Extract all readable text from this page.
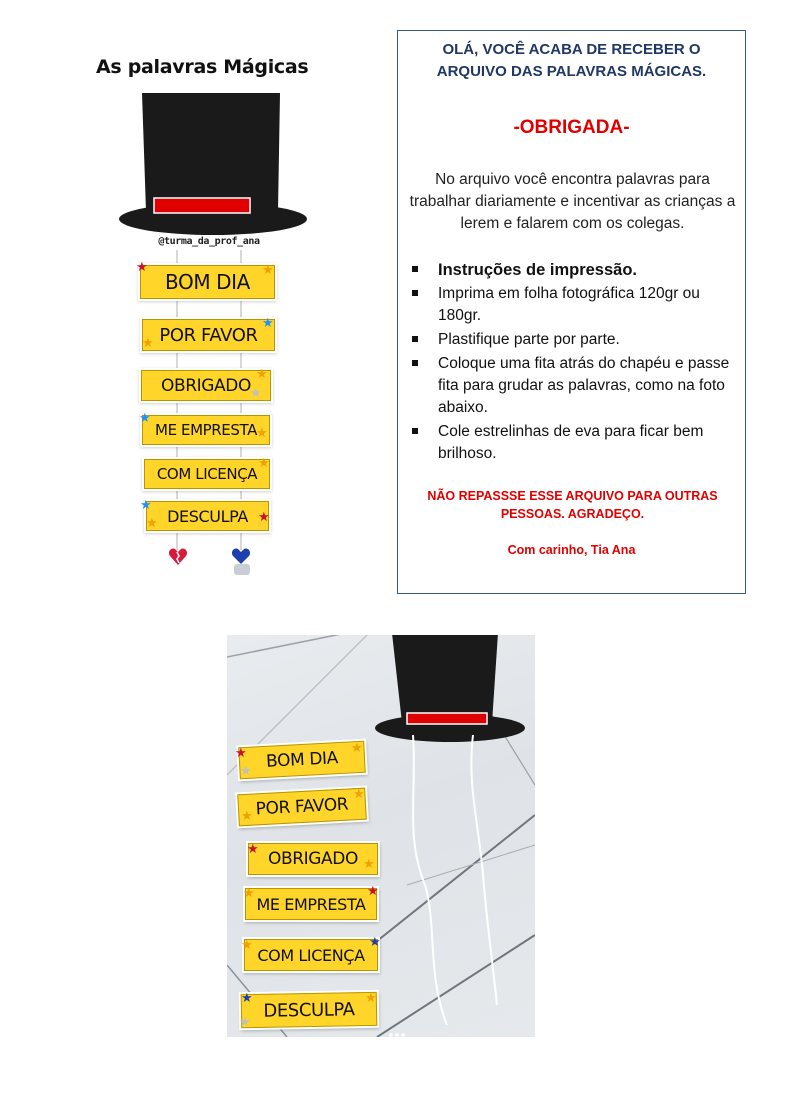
As palavras Mágicas
@turma_da_prof_ana
BOM DIA
POR FAVOR
OBRIGADO
ME EMPRESTA
COM LICENÇA
DESCULPA
★	★
★
★
★
★
★
★
★
★
★
★
OLÁ, VOCÊ ACABA DE RECEBER O
ARQUIVO DAS PALAVRAS MÁGICAS.
-OBRIGADA-
No arquivo você encontra palavras para trabalhar diariamente e incentivar as crianças a lerem e falarem com os colegas.
Instruções de impressão.
Imprima em folha fotográfica 120gr ou 180gr.
Plastifique parte por parte.
Coloque uma fita atrás do chapéu e passe fita para grudar as palavras, como na foto abaixo.
Cole estrelinhas de eva para ficar bem brilhoso.
NÃO REPASSSE ESSE ARQUIVO PARA OUTRAS PESSOAS. AGRADEÇO.
Com carinho, Tia Ana
BOM DIA
POR FAVOR
OBRIGADO
ME EMPRESTA
COM LICENÇA
DESCULPA
★	★
★
★
★
★
★
★
★
★
★
★	★
★
